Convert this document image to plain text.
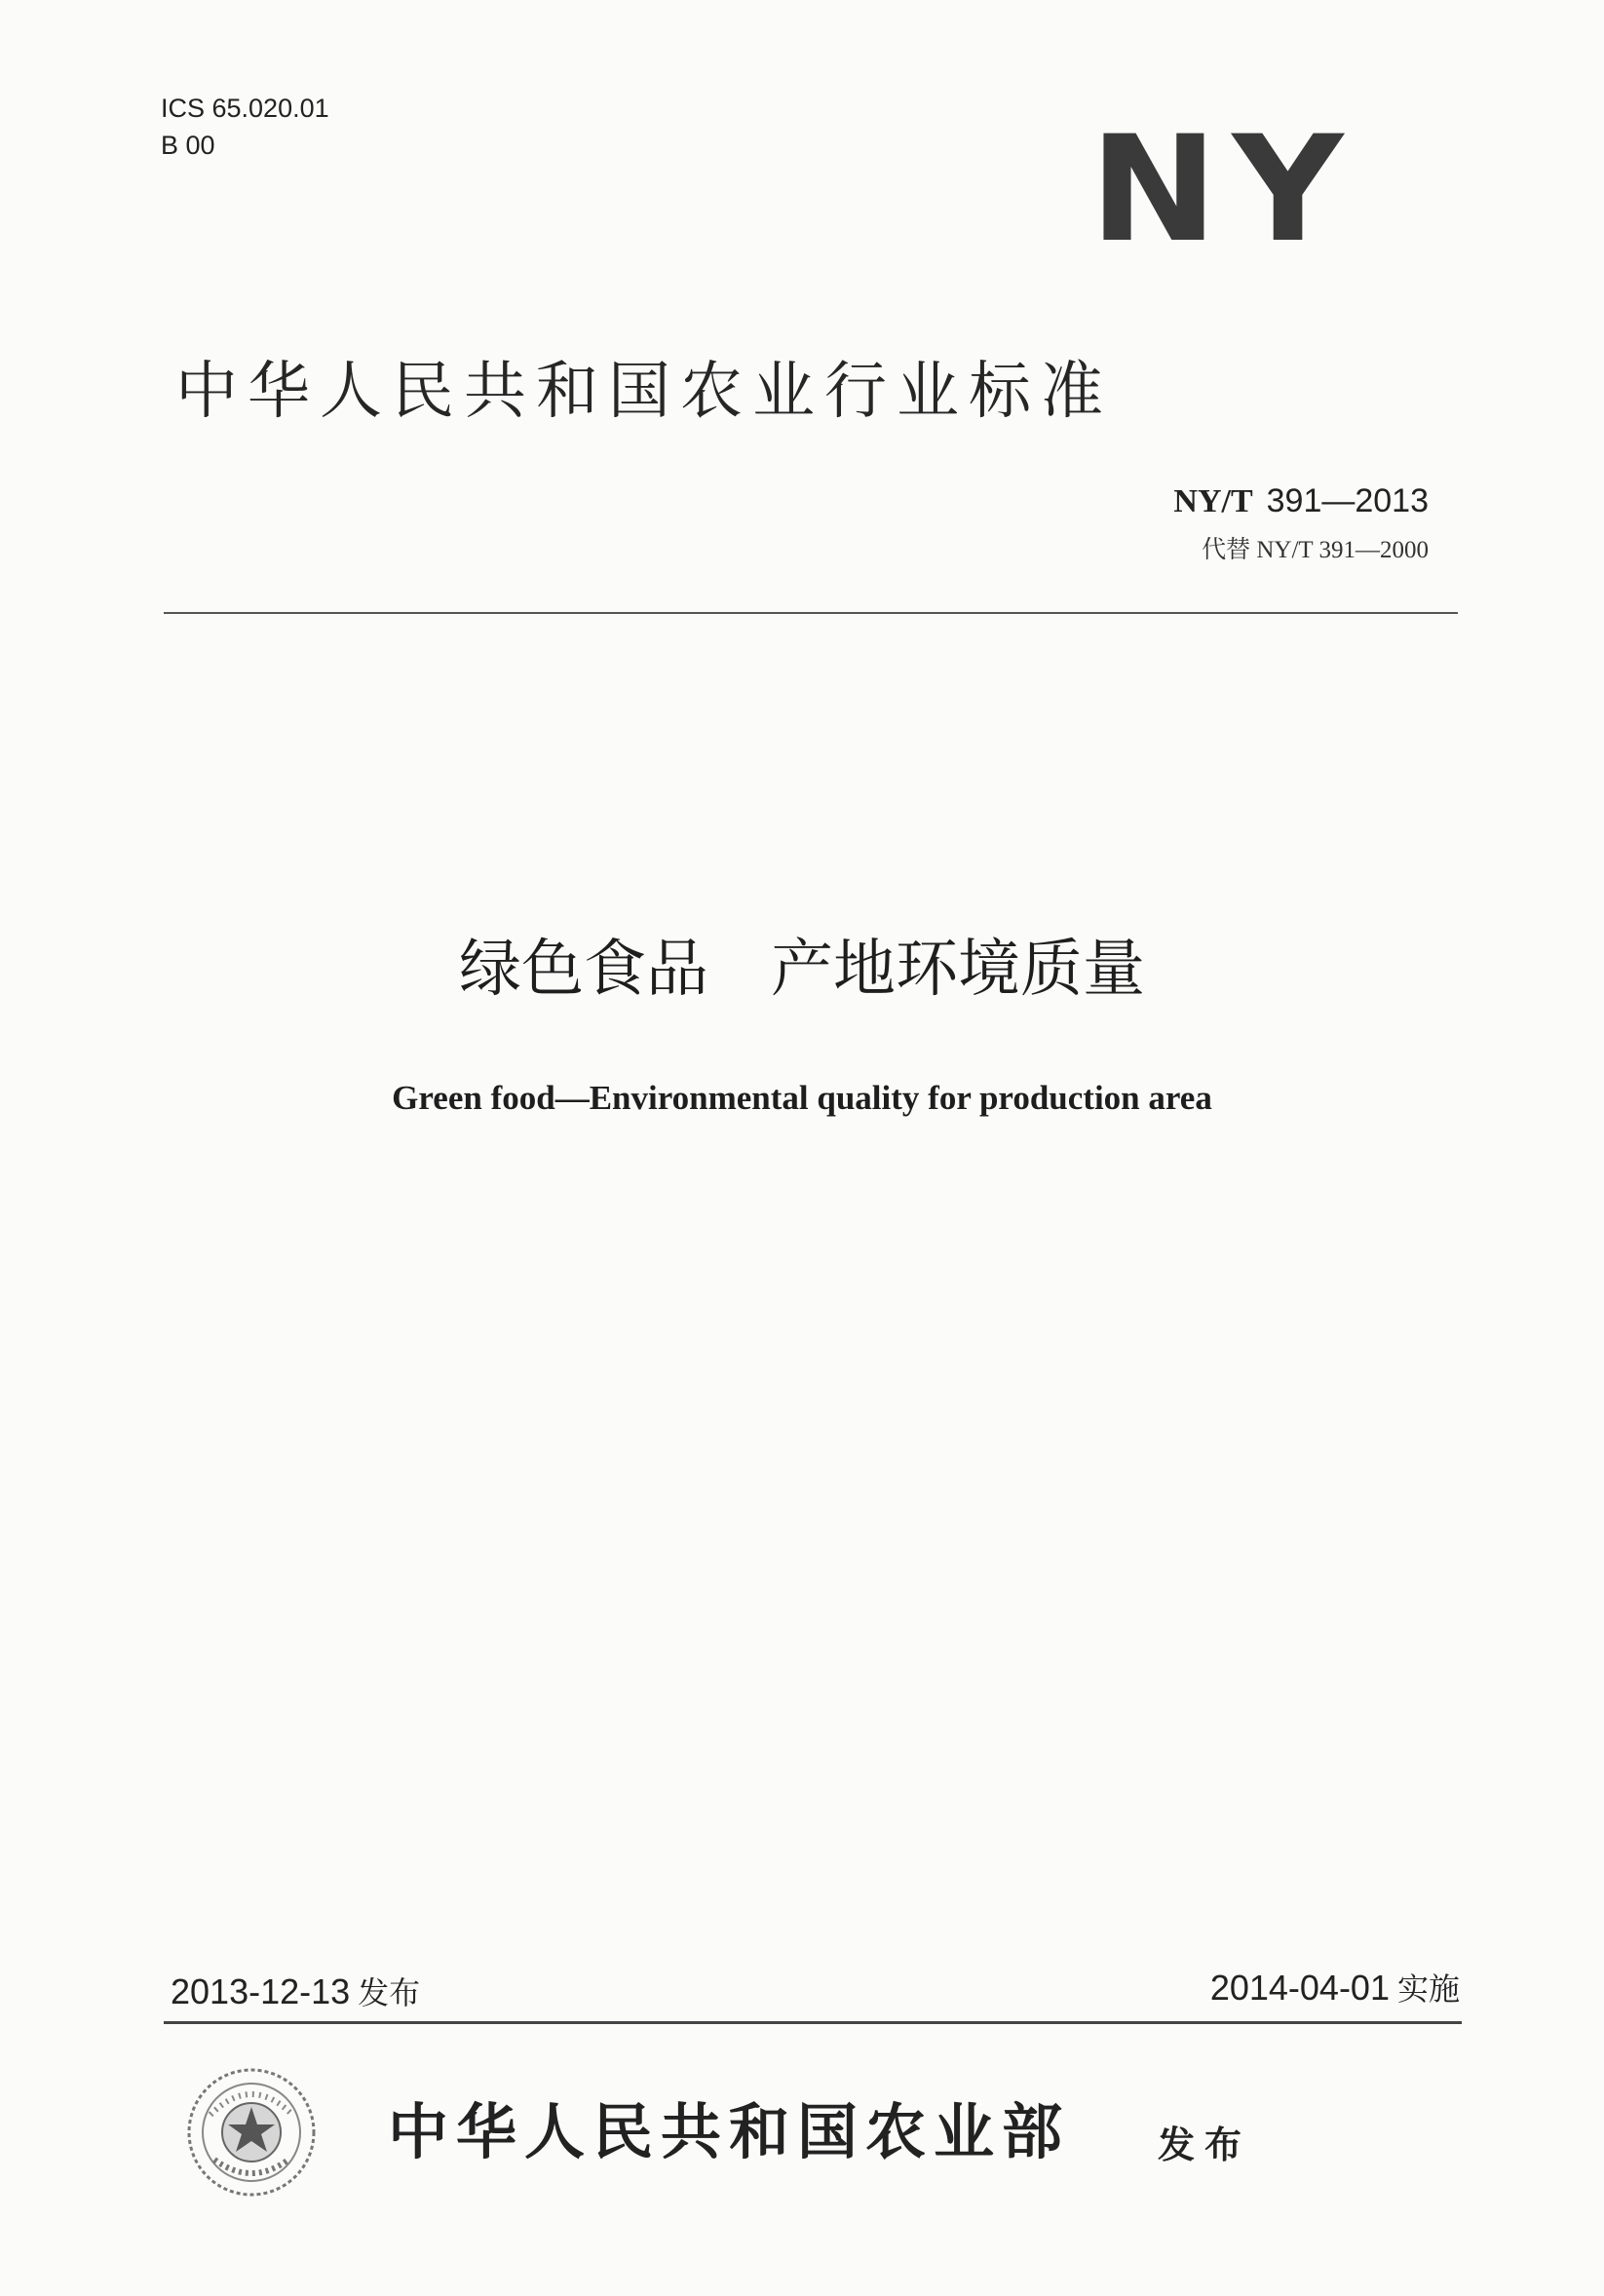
ICS 65.020.01
B 00	NY
中华人民共和国农业行业标准
NY/T 391—2013
代替 NY/T 391—2000
绿色食品　产地环境质量
Green food—Environmental quality for production area
2013-12-13 发布	2014-04-01 实施
中华人民共和国农业部 发布
